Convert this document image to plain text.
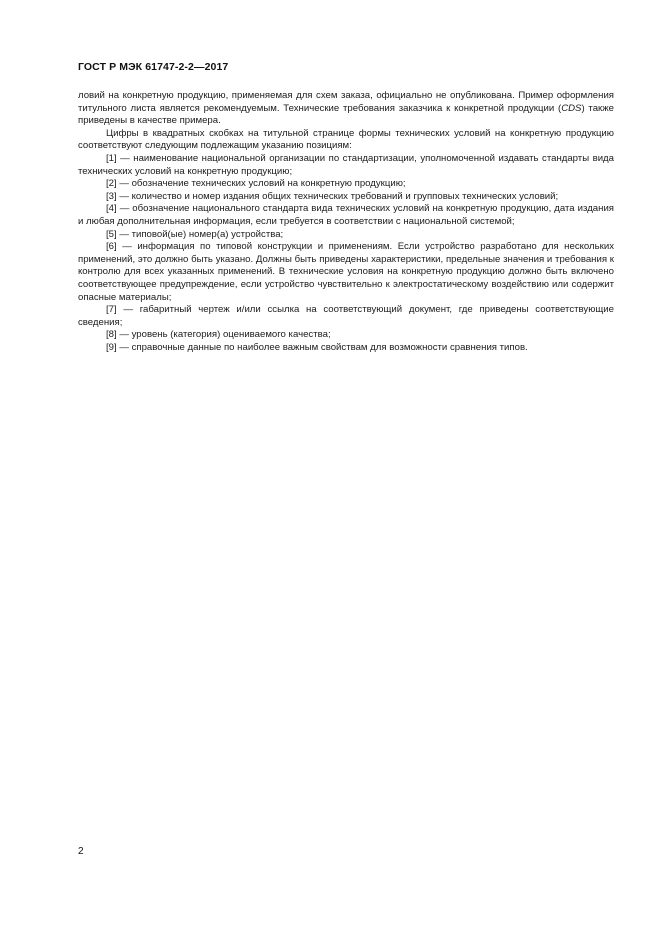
ГОСТ Р МЭК 61747-2-2—2017

ловий на конкретную продукцию, применяемая для схем заказа, официально не опубликована. Пример оформления титульного листа является рекомендуемым. Технические требования заказчика к конкретной продукции (CDS) также приведены в качестве примера.

Цифры в квадратных скобках на титульной странице формы технических условий на конкретную продукцию соответствуют следующим подлежащим указанию позициям:

[1] — наименование национальной организации по стандартизации, уполномоченной издавать стандарты вида технических условий на конкретную продукцию;

[2] — обозначение технических условий на конкретную продукцию;

[3] — количество и номер издания общих технических требований и групповых технических условий;

[4] — обозначение национального стандарта вида технических условий на конкретную продукцию, дата издания и любая дополнительная информация, если требуется в соответствии с национальной системой;

[5] — типовой(ые) номер(а) устройства;

[6] — информация по типовой конструкции и применениям. Если устройство разработано для нескольких применений, это должно быть указано. Должны быть приведены характеристики, предельные значения и требования к контролю для всех указанных применений. В технические условия на конкретную продукцию должно быть включено соответствующее предупреждение, если устройство чувствительно к электростатическому воздействию или содержит опасные материалы;

[7] — габаритный чертеж и/или ссылка на соответствующий документ, где приведены соответствующие сведения;

[8] — уровень (категория) оцениваемого качества;

[9] — справочные данные по наиболее важным свойствам для возможности сравнения типов.

2
